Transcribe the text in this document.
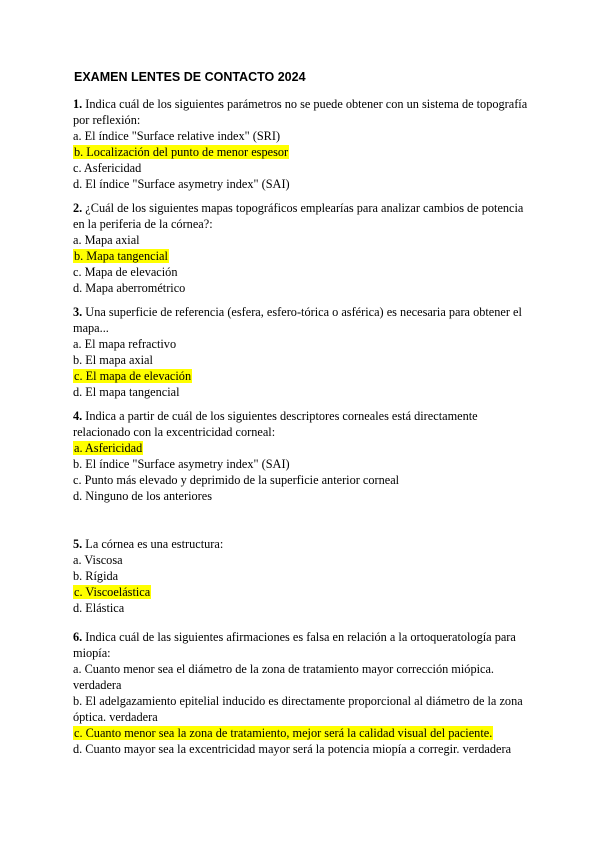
EXAMEN LENTES DE CONTACTO 2024
1. Indica cuál de los siguientes parámetros no se puede obtener con un sistema de topografía
por reflexión:
a. El índice "Surface relative index" (SRI)
b. Localización del punto de menor espesor
c. Asfericidad
d. El índice "Surface asymetry index" (SAI)
2. ¿Cuál de los siguientes mapas topográficos emplearías para analizar cambios de potencia
en la periferia de la córnea?:
a. Mapa axial
b. Mapa tangencial
c. Mapa de elevación
d. Mapa aberrométrico
3. Una superficie de referencia (esfera, esfero-tórica o asférica) es necesaria para obtener el
mapa...
a. El mapa refractivo
b. El mapa axial
c. El mapa de elevación
d. El mapa tangencial
4. Indica a partir de cuál de los siguientes descriptores corneales está directamente
relacionado con la excentricidad corneal:
a. Asfericidad
b. El índice "Surface asymetry index" (SAI)
c. Punto más elevado y deprimido de la superficie anterior corneal
d. Ninguno de los anteriores
5. La córnea es una estructura:
a. Viscosa
b. Rígida
c. Viscoelástica
d. Elástica
6. Indica cuál de las siguientes afirmaciones es falsa en relación a la ortoqueratología para
miopía:
a. Cuanto menor sea el diámetro de la zona de tratamiento mayor corrección miópica.
verdadera
b. El adelgazamiento epitelial inducido es directamente proporcional al diámetro de la zona
óptica. verdadera
c. Cuanto menor sea la zona de tratamiento, mejor será la calidad visual del paciente.
d. Cuanto mayor sea la excentricidad mayor será la potencia miopía a corregir. verdadera
